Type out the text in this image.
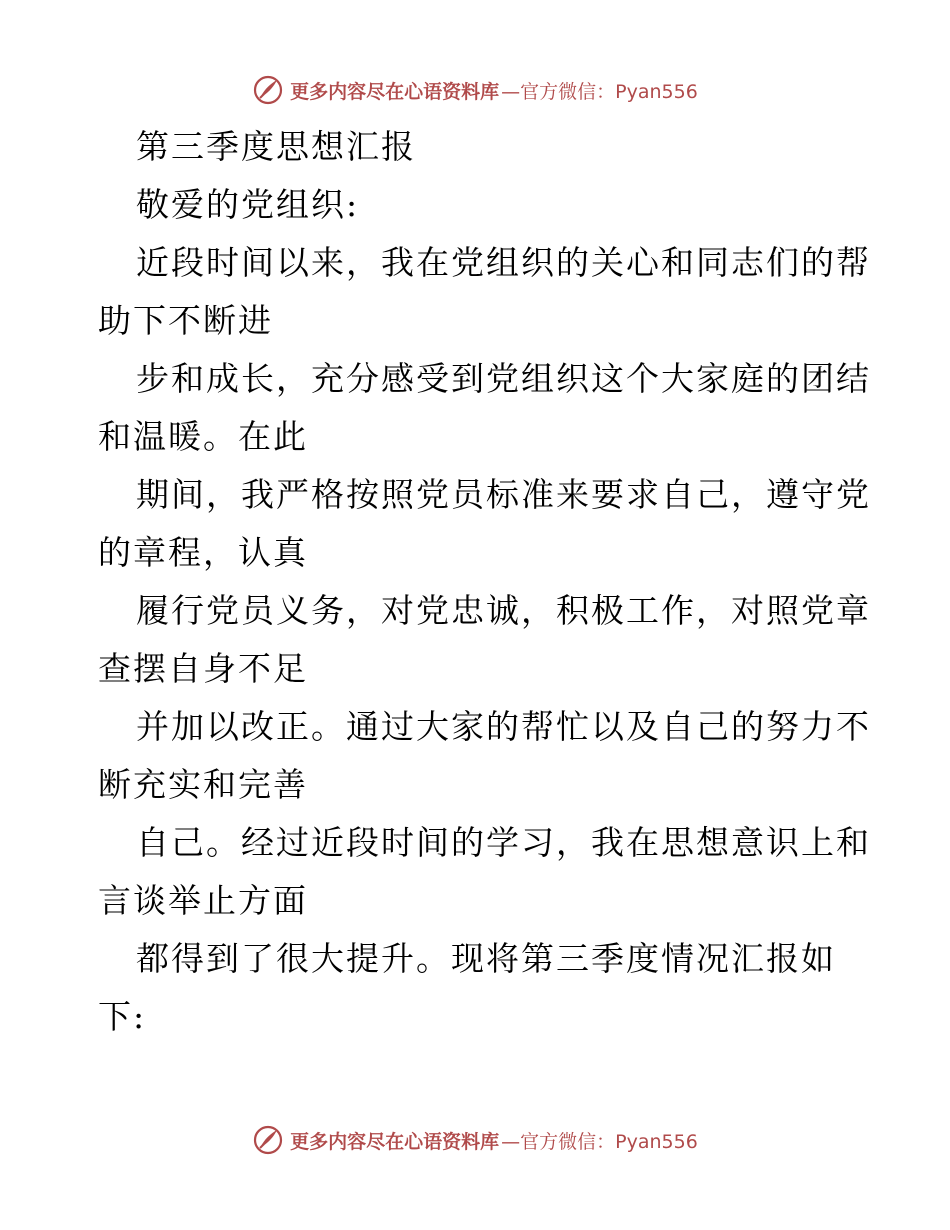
更多内容尽在心语资料库 —官方微信：Pyan556
第三季度思想汇报
敬爱的党组织:
近段时间以来，我在党组织的关心和同志们的帮
助下不断进
步和成长，充分感受到党组织这个大家庭的团结
和温暖。在此
期间，我严格按照党员标准来要求自己，遵守党
的章程，认真
履行党员义务，对党忠诚，积极工作，对照党章
查摆自身不足
并加以改正。通过大家的帮忙以及自己的努力不
断充实和完善
自己。经过近段时间的学习，我在思想意识上和
言谈举止方面
都得到了很大提升。现将第三季度情况汇报如
下:
更多内容尽在心语资料库 —官方微信：Pyan556
